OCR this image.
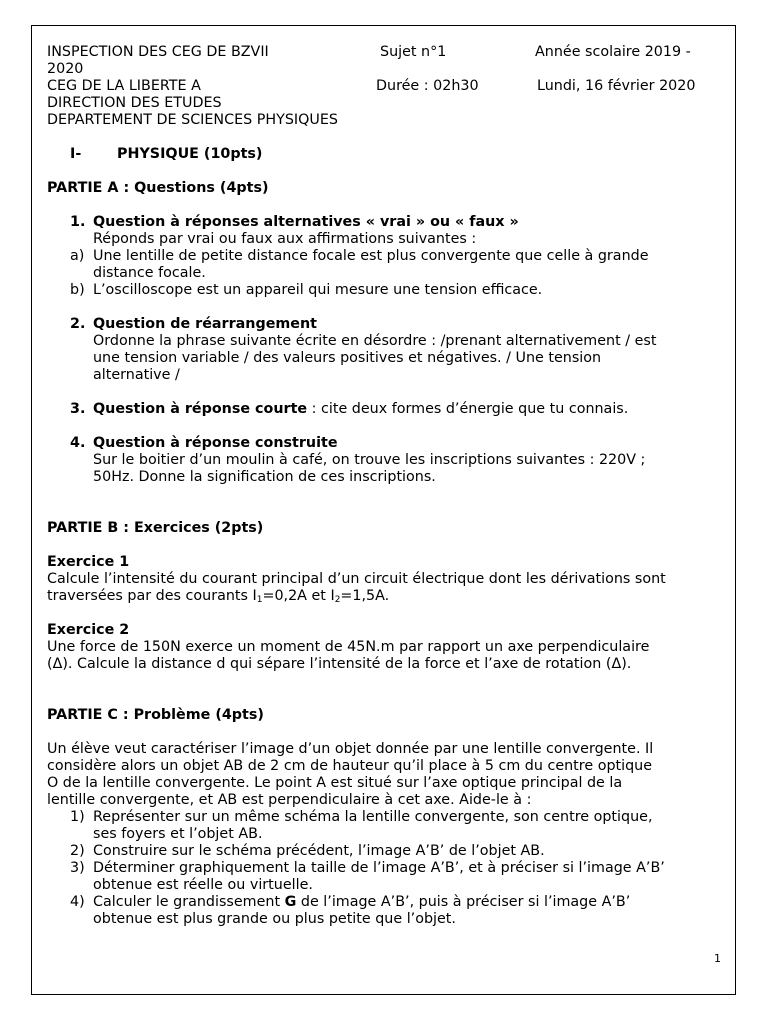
INSPECTION DES CEG DE BZVII	Sujet n°1	Année scolaire 2019 -
2020
CEG DE LA LIBERTE A	Durée : 02h30	Lundi, 16 février 2020
DIRECTION DES ETUDES
DEPARTEMENT DE SCIENCES PHYSIQUES
I- PHYSIQUE (10pts)
PARTIE A : Questions (4pts)
1. Question à réponses alternatives « vrai » ou « faux »
Réponds par vrai ou faux aux affirmations suivantes :
a) Une lentille de petite distance focale est plus convergente que celle à grande
distance focale.
b) L’oscilloscope est un appareil qui mesure une tension efficace.
2. Question de réarrangement
Ordonne la phrase suivante écrite en désordre : /prenant alternativement / est
une tension variable / des valeurs positives et négatives. / Une tension
alternative /
3. Question à réponse courte : cite deux formes d’énergie que tu connais.
4. Question à réponse construite
Sur le boitier d’un moulin à café, on trouve les inscriptions suivantes : 220V ;
50Hz. Donne la signification de ces inscriptions.
PARTIE B : Exercices (2pts)
Exercice 1
Calcule l’intensité du courant principal d’un circuit électrique dont les dérivations sont
traversées par des courants $I_1=0,2A$ et $I_2=1,5A$.
Exercice 2
Une force de 150N exerce un moment de 45N.m par rapport un axe perpendiculaire
(Δ). Calcule la distance d qui sépare l’intensité de la force et l’axe de rotation (Δ).
PARTIE C : Problème (4pts)
Un élève veut caractériser l’image d’un objet donnée par une lentille convergente. Il
considère alors un objet AB de 2 cm de hauteur qu’il place à 5 cm du centre optique
O de la lentille convergente. Le point A est situé sur l’axe optique principal de la
lentille convergente, et AB est perpendiculaire à cet axe. Aide-le à :
1) Représenter sur un même schéma la lentille convergente, son centre optique,
ses foyers et l’objet AB.
2) Construire sur le schéma précédent, l’image A’B’ de l’objet AB.
3) Déterminer graphiquement la taille de l’image A’B’, et à préciser si l’image A’B’
obtenue est réelle ou virtuelle.
4) Calculer le grandissement G de l’image A’B’, puis à préciser si l’image A’B’
obtenue est plus grande ou plus petite que l’objet.
1
